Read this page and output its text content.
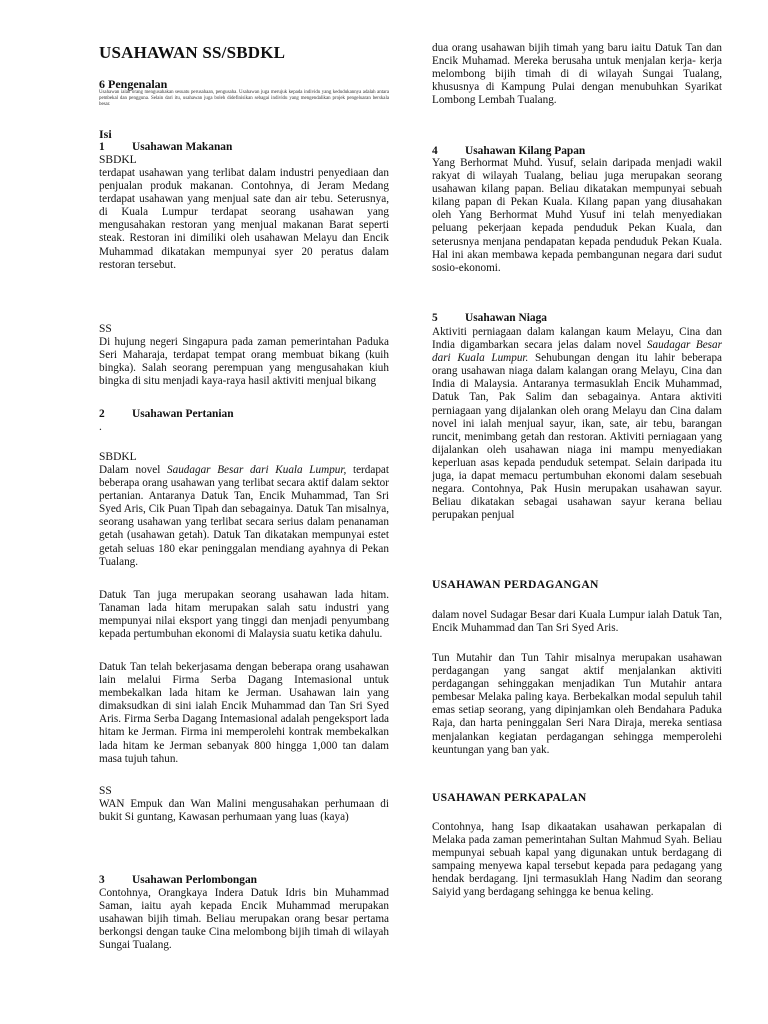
USAHAWAN SS/SBDKL
6 Pengenalan

Usahawan ialah orang mengusahakan sesuatu perusahaan, pengusaha. Usahawan juga merujuk kepada individu yang kedudukannya adalah antara pembekal dan pengguna. Selain dari itu, usahawan juga boleh didefinisikan sebagai individu yang mengendalikan projek pengeluaran berskala besar.

Isi
1 Usahawan Makanan
SBDKL

terdapat usahawan yang terlibat dalam industri penyediaan dan penjualan produk makanan. Contohnya, di Jeram Medang terdapat usahawan yang menjual sate dan air tebu. Seterusnya, di Kuala Lumpur terdapat seorang usahawan yang mengusahakan restoran yang menjual makanan Barat seperti steak. Restoran ini dimiliki oleh usahawan Melayu dan Encik Muhammad dikatakan mempunyai syer 20 peratus dalam restoran tersebut.

SS

Di hujung negeri Singapura pada zaman pemerintahan Paduka Seri Maharaja, terdapat tempat orang membuat bikang (kuih bingka). Salah seorang perempuan yang mengusahakan kiuh bingka di situ menjadi kaya-raya hasil aktiviti menjual bikang

2 Usahawan Pertanian
.
SBDKL

Dalam novel Saudagar Besar dari Kuala Lumpur, terdapat beberapa orang usahawan yang terlibat secara aktif dalam sektor pertanian. Antaranya Datuk Tan, Encik Muhammad, Tan Sri Syed Aris, Cik Puan Tipah dan sebagainya. Datuk Tan misalnya, seorang usahawan yang terlibat secara serius dalam penanaman getah (usahawan getah). Datuk Tan dikatakan mempunyai estet getah seluas 180 ekar peninggalan mendiang ayahnya di Pekan Tualang.

Datuk Tan juga merupakan seorang usahawan lada hitam. Tanaman lada hitam merupakan salah satu industri yang mempunyai nilai eksport yang tinggi dan menjadi penyumbang kepada pertumbuhan ekonomi di Malaysia suatu ketika dahulu.

Datuk Tan telah bekerjasama dengan beberapa orang usahawan lain melalui Firma Serba Dagang Intemasional untuk membekalkan lada hitam ke Jerman. Usahawan lain yang dimaksudkan di sini ialah Encik Muhammad dan Tan Sri Syed Aris. Firma Serba Dagang Intemasional adalah pengeksport lada hitam ke Jerman. Firma ini memperolehi kontrak membekalkan lada hitam ke Jerman sebanyak 800 hingga 1,000 tan dalam masa tujuh tahun.

SS

WAN Empuk dan Wan Malini mengusahakan perhumaan di bukit Si guntang, Kawasan perhumaan yang luas (kaya)

3 Usahawan Perlombongan

Contohnya, Orangkaya Indera Datuk Idris bin Muhammad Saman, iaitu ayah kepada Encik Muhammad merupakan usahawan bijih timah. Beliau merupakan orang besar pertama berkongsi dengan tauke Cina melombong bijih timah di wilayah Sungai Tualang.

dua orang usahawan bijih timah yang baru iaitu Datuk Tan dan Encik Muhamad. Mereka berusaha untuk menjalan kerja- kerja melombong bijih timah di di wilayah Sungai Tualang, khususnya di Kampung Pulai dengan menubuhkan Syarikat Lombong Lembah Tualang.

4 Usahawan Kilang Papan

Yang Berhormat Muhd. Yusuf, selain daripada menjadi wakil rakyat di wilayah Tualang, beliau juga merupakan seorang usahawan kilang papan. Beliau dikatakan mempunyai sebuah kilang papan di Pekan Kuala. Kilang papan yang diusahakan oleh Yang Berhormat Muhd Yusuf ini telah menyediakan peluang pekerjaan kepada penduduk Pekan Kuala, dan seterusnya menjana pendapatan kepada penduduk Pekan Kuala. Hal ini akan membawa kepada pembangunan negara dari sudut sosio-ekonomi.

5 Usahawan Niaga

Aktiviti perniagaan dalam kalangan kaum Melayu, Cina dan India digambarkan secara jelas dalam novel Saudagar Besar dari Kuala Lumpur. Sehubungan dengan itu lahir beberapa orang usahawan niaga dalam kalangan orang Melayu, Cina dan India di Malaysia. Antaranya termasuklah Encik Muhammad, Datuk Tan, Pak Salim dan sebagainya. Antara aktiviti perniagaan yang dijalankan oleh orang Melayu dan Cina dalam novel ini ialah menjual sayur, ikan, sate, air tebu, barangan runcit, menimbang getah dan restoran. Aktiviti perniagaan yang dijalankan oleh usahawan niaga ini mampu menyediakan keperluan asas kepada penduduk setempat. Selain daripada itu juga, ia dapat memacu pertumbuhan ekonomi dalam sesebuah negara. Contohnya, Pak Husin merupakan usahawan sayur. Beliau dikatakan sebagai usahawan sayur kerana beliau perupakan penjual

USAHAWAN PERDAGANGAN

dalam novel Sudagar Besar dari Kuala Lumpur ialah Datuk Tan, Encik Muhammad dan Tan Sri Syed Aris.

Tun Mutahir dan Tun Tahir misalnya merupakan usahawan perdagangan yang sangat aktif menjalankan aktiviti perdagangan sehinggakan menjadikan Tun Mutahir antara pembesar Melaka paling kaya. Berbekalkan modal sepuluh tahil emas setiap seorang, yang dipinjamkan oleh Bendahara Paduka Raja, dan harta peninggalan Seri Nara Diraja, mereka sentiasa menjalankan kegiatan perdagangan sehingga memperolehi keuntungan yang ban yak.

USAHAWAN PERKAPALAN

Contohnya, hang Isap dikaatakan usahawan perkapalan di Melaka pada zaman pemerintahan Sultan Mahmud Syah. Beliau mempunyai sebuah kapal yang digunakan untuk berdagang di sampaing menyewa kapal tersebut kepada para pedagang yang hendak berdagang. Ijni termasuklah Hang Nadim dan seorang Saiyid yang berdagang sehingga ke benua keling.
